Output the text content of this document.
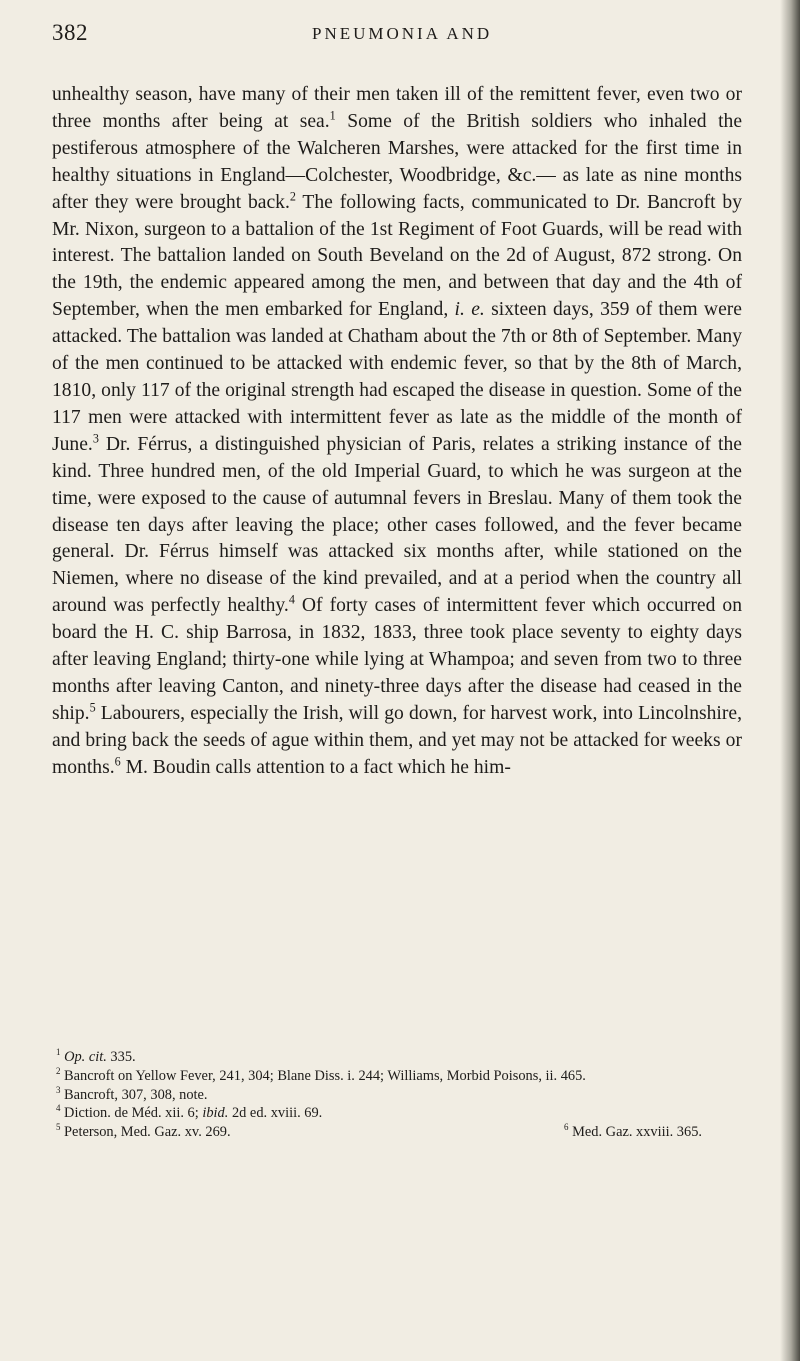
382	PNEUMONIA AND

unhealthy season, have many of their men taken ill of the remittent fever, even two or three months after being at sea.$^1$ Some of the British soldiers who inhaled the pestiferous atmosphere of the Walcheren Marshes, were attacked for the first time in healthy situations in England—Colchester, Woodbridge, &c.— as late as nine months after they were brought back.$^2$ The following facts, communicated to Dr. Bancroft by Mr. Nixon, surgeon to a battalion of the 1st Regiment of Foot Guards, will be read with interest. The battalion landed on South Beveland on the 2d of August, 872 strong. On the 19th, the endemic appeared among the men, and between that day and the 4th of September, when the men embarked for England, i. e. sixteen days, 359 of them were attacked. The battalion was landed at Chatham about the 7th or 8th of September. Many of the men continued to be attacked with endemic fever, so that by the 8th of March, 1810, only 117 of the original strength had escaped the disease in question. Some of the 117 men were attacked with intermittent fever as late as the middle of the month of June.$^3$ Dr. Férrus, a distinguished physician of Paris, relates a striking instance of the kind. Three hundred men, of the old Imperial Guard, to which he was surgeon at the time, were exposed to the cause of autumnal fevers in Breslau. Many of them took the disease ten days after leaving the place; other cases followed, and the fever became general. Dr. Férrus himself was attacked six months after, while stationed on the Niemen, where no disease of the kind prevailed, and at a period when the country all around was perfectly healthy.$^4$ Of forty cases of intermittent fever which occurred on board the H. C. ship Barrosa, in 1832, 1833, three took place seventy to eighty days after leaving England; thirty-one while lying at Whampoa; and seven from two to three months after leaving Canton, and ninety-three days after the disease had ceased in the ship.$^5$ Labourers, especially the Irish, will go down, for harvest work, into Lincolnshire, and bring back the seeds of ague within them, and yet may not be attacked for weeks or months.$^6$ M. Boudin calls attention to a fact which he him-

$^1$ Op. cit. 335.

$^2$ Bancroft on Yellow Fever, 241, 304; Blane Diss. i. 244; Williams, Morbid Poisons, ii. 465.

$^3$ Bancroft, 307, 308, note.

$^4$ Diction. de Méd. xii. 6; ibid. 2d ed. xviii. 69.

$^5$ Peterson, Med. Gaz. xv. 269.	$^6$ Med. Gaz. xxviii. 365.
